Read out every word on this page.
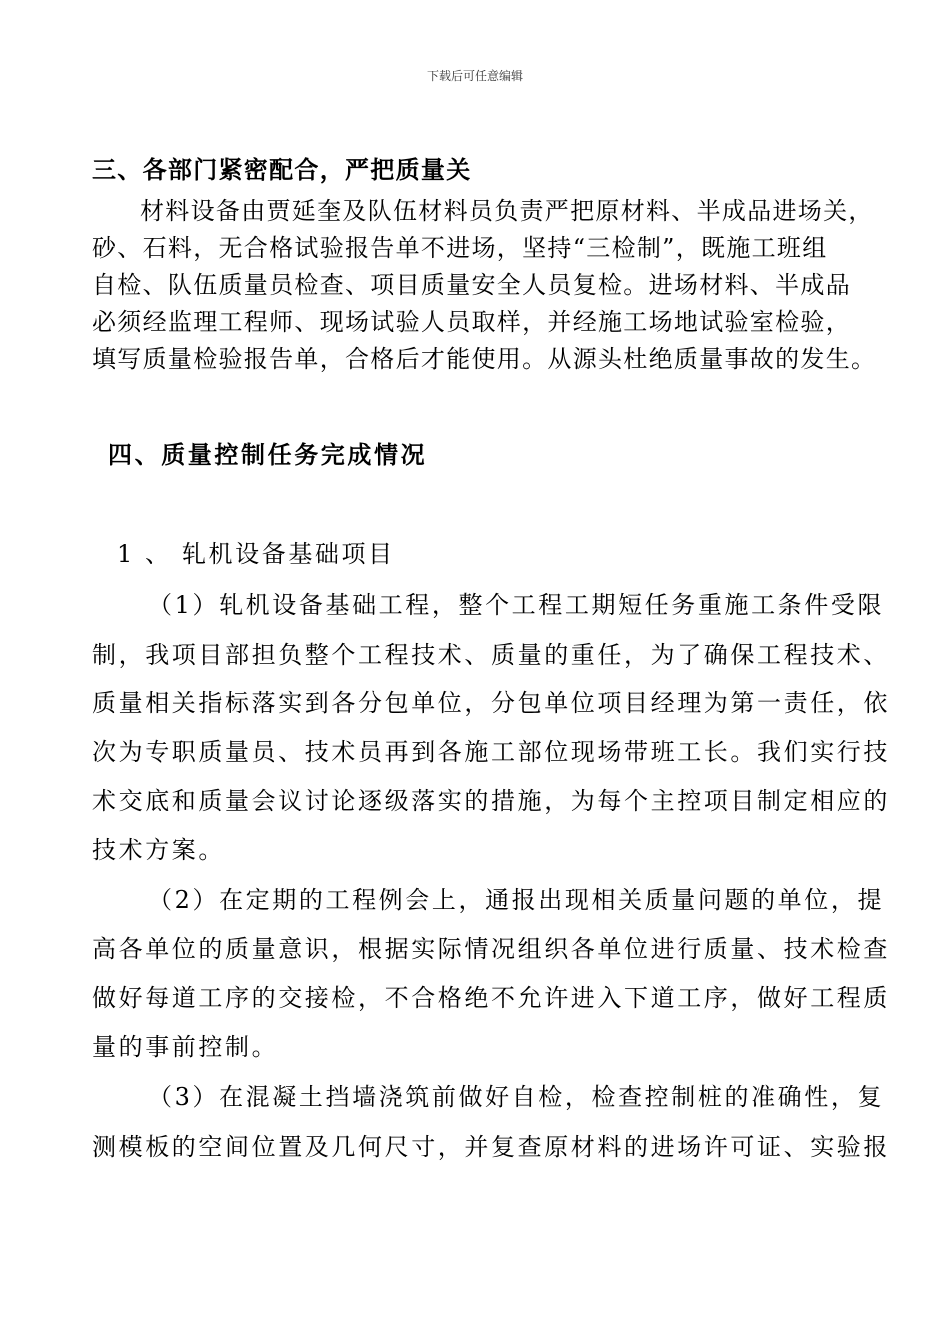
下载后可任意编辑
三、各部门紧密配合，严把质量关
材料设备由贾延奎及队伍材料员负责严把原材料、半成品进场关，
砂、石料，无合格试验报告单不进场，坚持“三检制”，既施工班组
自检、队伍质量员检查、项目质量安全人员复检。进场材料、半成品
必须经监理工程师、现场试验人员取样，并经施工场地试验室检验，
填写质量检验报告单，合格后才能使用。从源头杜绝质量事故的发生。
四、质量控制任务完成情况
1 、 轧机设备基础项目
（1）轧机设备基础工程，整个工程工期短任务重施工条件受限
制，我项目部担负整个工程技术、质量的重任，为了确保工程技术、
质量相关指标落实到各分包单位，分包单位项目经理为第一责任，依
次为专职质量员、技术员再到各施工部位现场带班工长。我们实行技
术交底和质量会议讨论逐级落实的措施，为每个主控项目制定相应的
技术方案。
（2）在定期的工程例会上，通报出现相关质量问题的单位，提
高各单位的质量意识，根据实际情况组织各单位进行质量、技术检查
做好每道工序的交接检，不合格绝不允许进入下道工序，做好工程质
量的事前控制。
（3）在混凝土挡墙浇筑前做好自检，检查控制桩的准确性，复
测模板的空间位置及几何尺寸，并复查原材料的进场许可证、实验报
